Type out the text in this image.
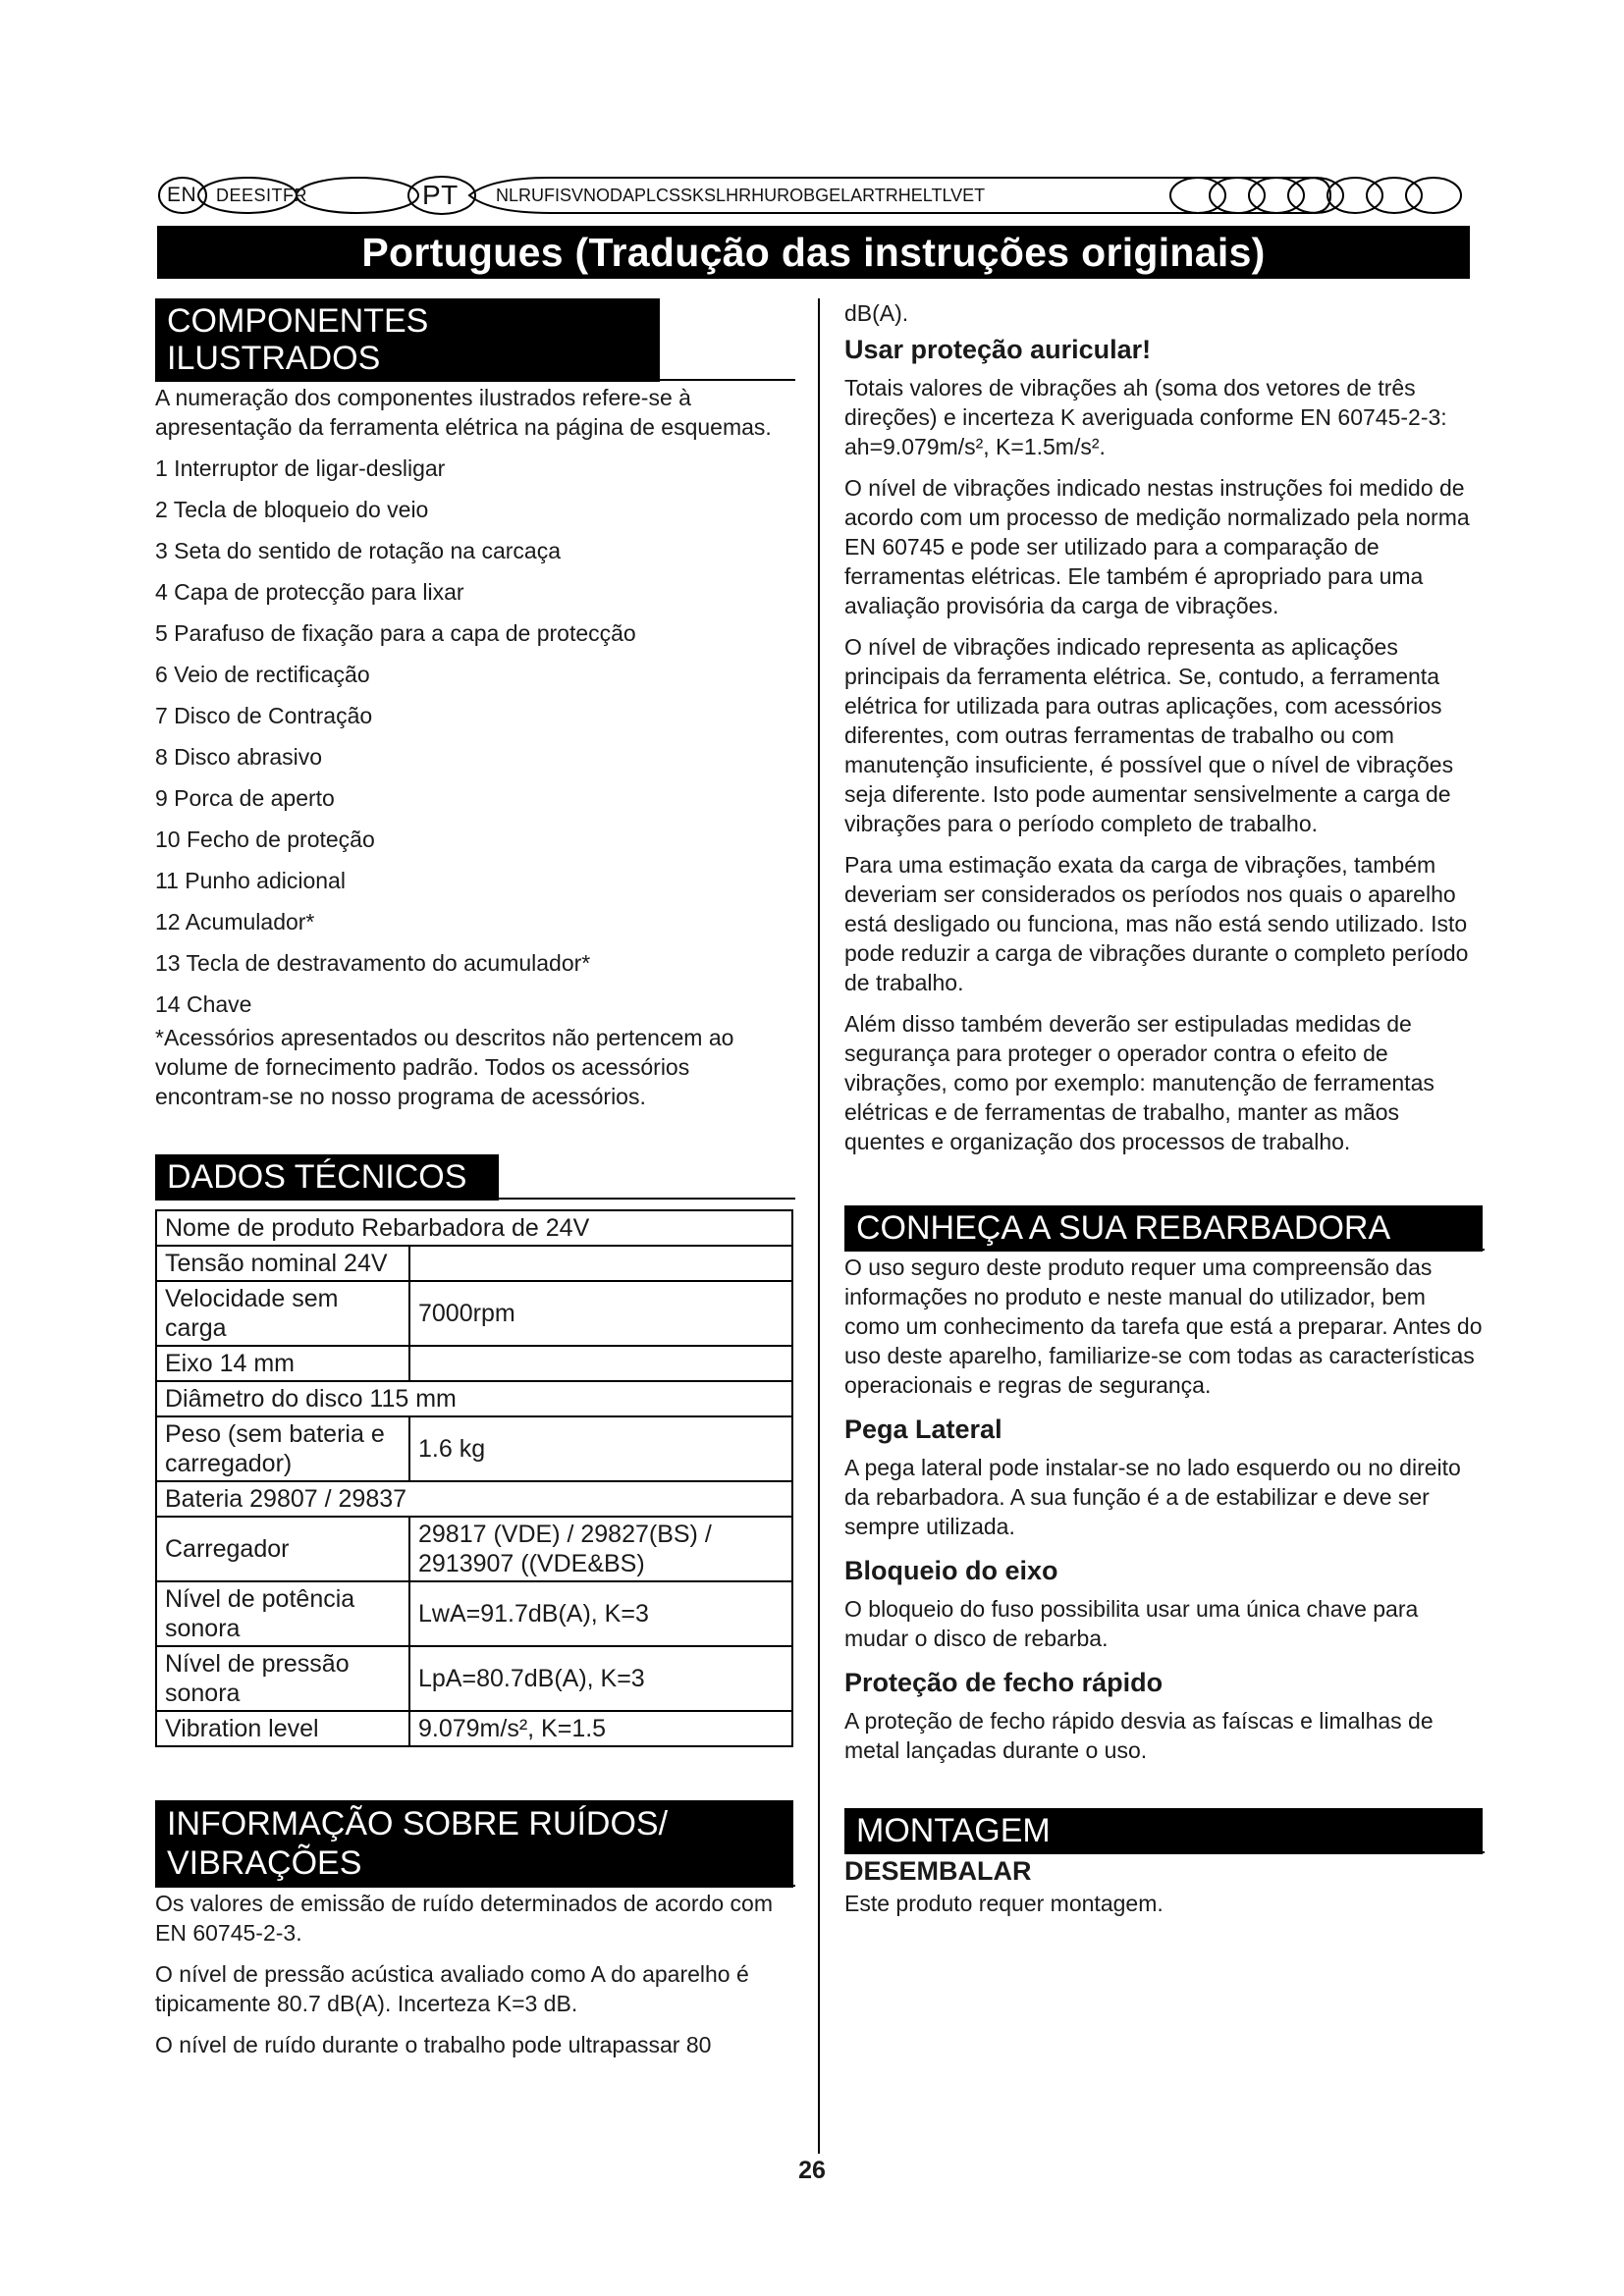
EN DEESITFR	PT NLRUFISVNODAPLCSSKSLHRHUROBGELARTRHELTLVET
Portugues (Tradução das instruções originais)
COMPONENTES ILUSTRADOS

A numeração dos componentes ilustrados refere-se à apresentação da ferramenta elétrica na página de esquemas.

1 Interruptor de ligar-desligar
2 Tecla de bloqueio do veio
3 Seta do sentido de rotação na carcaça
4 Capa de protecção para lixar
5 Parafuso de fixação para a capa de protecção
6 Veio de rectificação
7 Disco de Contração
8 Disco abrasivo
9 Porca de aperto
10 Fecho de proteção
11 Punho adicional
12 Acumulador*
13 Tecla de destravamento do acumulador*
14 Chave

*Acessórios apresentados ou descritos não pertencem ao volume de fornecimento padrão. Todos os acessórios encontram-se no nosso programa de acessórios.

DADOS TÉCNICOS
Nome de produto Rebarbadora de 24V	
Tensão nominal 24V	
Velocidade sem carga	7000rpm
Eixo 14 mm	
Diâmetro do disco 115 mm	
Peso (sem bateria e carregador)	1.6 kg
Bateria 29807 / 29837	
Carregador	29817 (VDE) / 29827(BS) / 2913907 ((VDE&BS)
Nível de potência sonora	LwA=91.7dB(A), K=3
Nível de pressão sonora	LpA=80.7dB(A), K=3
Vibration level	9.079m/s², K=1.5
INFORMAÇÃO SOBRE RUÍDOS/
VIBRAÇÕES

Os valores de emissão de ruído determinados de acordo com EN 60745-2-3.

O nível de pressão acústica avaliado como A do aparelho é tipicamente 80.7 dB(A). Incerteza K=3 dB.

O nível de ruído durante o trabalho pode ultrapassar 80

dB(A).

Usar proteção auricular!

Totais valores de vibrações ah (soma dos vetores de três direções) e incerteza K averiguada conforme EN 60745-2-3: ah=9.079m/s², K=1.5m/s².

O nível de vibrações indicado nestas instruções foi medido de acordo com um processo de medição normalizado pela norma EN 60745 e pode ser utilizado para a comparação de ferramentas elétricas. Ele também é apropriado para uma avaliação provisória da carga de vibrações.

O nível de vibrações indicado representa as aplicações principais da ferramenta elétrica. Se, contudo, a ferramenta elétrica for utilizada para outras aplicações, com acessórios diferentes, com outras ferramentas de trabalho ou com manutenção insuficiente, é possível que o nível de vibrações seja diferente. Isto pode aumentar sensivelmente a carga de vibrações para o período completo de trabalho.

Para uma estimação exata da carga de vibrações, também deveriam ser considerados os períodos nos quais o aparelho está desligado ou funciona, mas não está sendo utilizado. Isto pode reduzir a carga de vibrações durante o completo período de trabalho.

Além disso também deverão ser estipuladas medidas de segurança para proteger o operador contra o efeito de vibrações, como por exemplo: manutenção de ferramentas elétricas e de ferramentas de trabalho, manter as mãos quentes e organização dos processos de trabalho.

CONHEÇA A SUA REBARBADORA

O uso seguro deste produto requer uma compreensão das informações no produto e neste manual do utilizador, bem como um conhecimento da tarefa que está a preparar. Antes do uso deste aparelho, familiarize-se com todas as características operacionais e regras de segurança.

Pega Lateral

A pega lateral pode instalar-se no lado esquerdo ou no direito da rebarbadora. A sua função é a de estabilizar e deve ser sempre utilizada.

Bloqueio do eixo

O bloqueio do fuso possibilita usar uma única chave para mudar o disco de rebarba.

Proteção de fecho rápido

A proteção de fecho rápido desvia as faíscas e limalhas de metal lançadas durante o uso.

MONTAGEM
DESEMBALAR

Este produto requer montagem.

26
